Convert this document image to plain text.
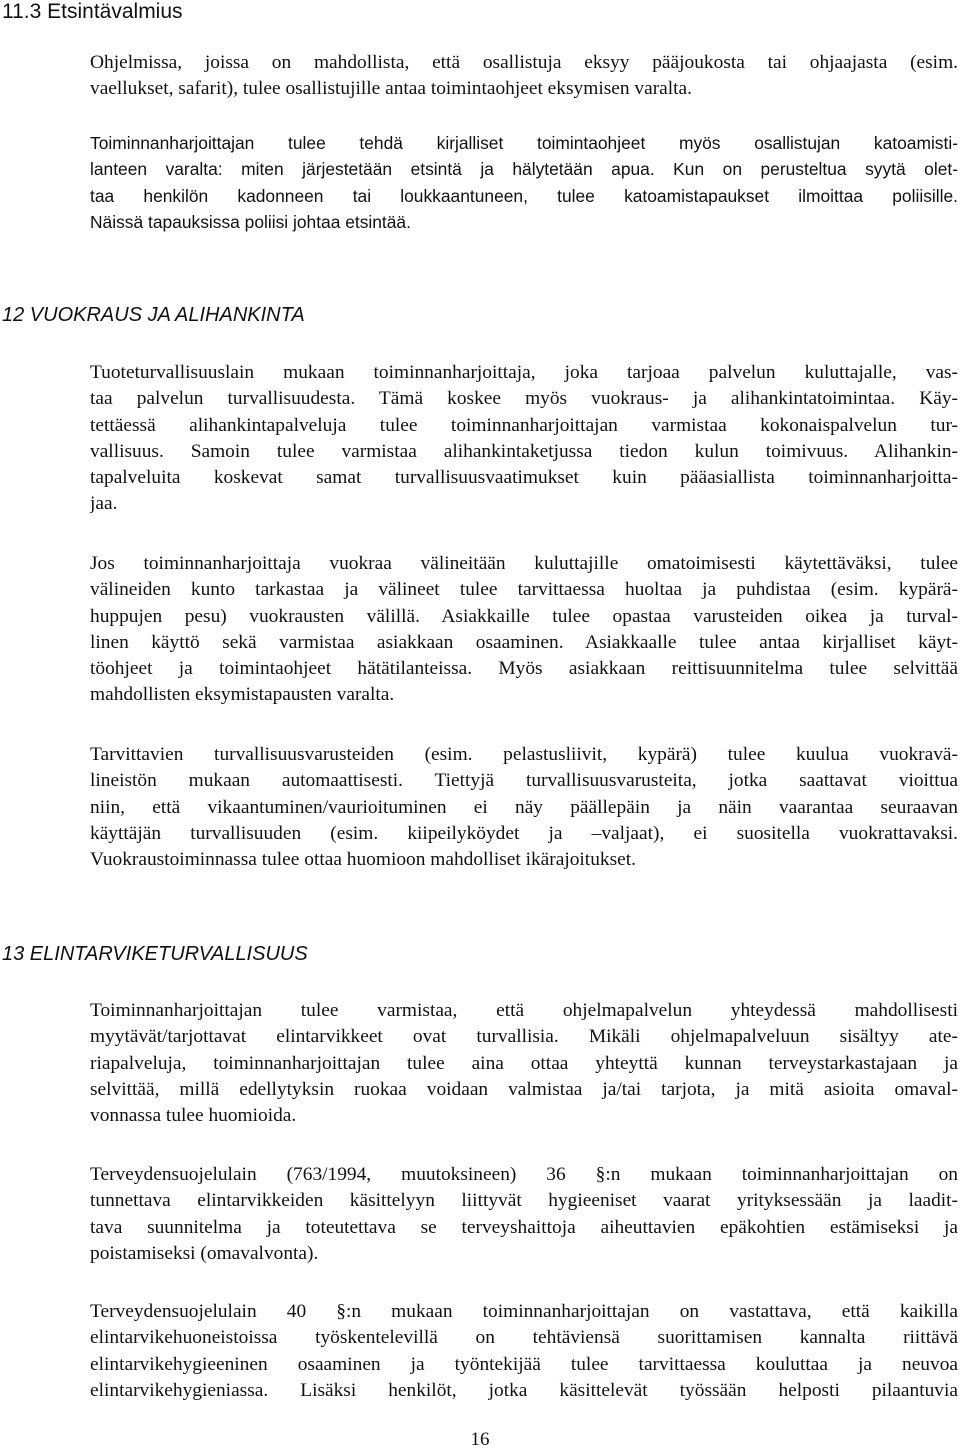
11.3 Etsintävalmius
Ohjelmissa, joissa on mahdollista, että osallistuja eksyy pääjoukosta tai ohjaajasta (esim.
vaellukset, safarit), tulee osallistujille antaa toimintaohjeet eksymisen varalta.
Toiminnanharjoittajan tulee tehdä kirjalliset toimintaohjeet myös osallistujan katoamisti-
lanteen varalta: miten järjestetään etsintä ja hälytetään apua. Kun on perusteltua syytä olet-
taa henkilön kadonneen tai loukkaantuneen, tulee katoamistapaukset ilmoittaa poliisille.
Näissä tapauksissa poliisi johtaa etsintää.
12 VUOKRAUS JA ALIHANKINTA
Tuoteturvallisuuslain mukaan toiminnanharjoittaja, joka tarjoaa palvelun kuluttajalle, vas-
taa palvelun turvallisuudesta. Tämä koskee myös vuokraus- ja alihankintatoimintaa. Käy-
tettäessä alihankintapalveluja tulee toiminnanharjoittajan varmistaa kokonaispalvelun tur-
vallisuus. Samoin tulee varmistaa alihankintaketjussa tiedon kulun toimivuus. Alihankin-
tapalveluita koskevat samat turvallisuusvaatimukset kuin pääasiallista toiminnanharjoitta-
jaa.
Jos toiminnanharjoittaja vuokraa välineitään kuluttajille omatoimisesti käytettäväksi, tulee
välineiden kunto tarkastaa ja välineet tulee tarvittaessa huoltaa ja puhdistaa (esim. kypärä-
huppujen pesu) vuokrausten välillä. Asiakkaille tulee opastaa varusteiden oikea ja turval-
linen käyttö sekä varmistaa asiakkaan osaaminen. Asiakkaalle tulee antaa kirjalliset käyt-
töohjeet ja toimintaohjeet hätätilanteissa. Myös asiakkaan reittisuunnitelma tulee selvittää
mahdollisten eksymistapausten varalta.
Tarvittavien turvallisuusvarusteiden (esim. pelastusliivit, kypärä) tulee kuulua vuokravä-
lineistön mukaan automaattisesti. Tiettyjä turvallisuusvarusteita, jotka saattavat vioittua
niin, että vikaantuminen/vaurioituminen ei näy päällepäin ja näin vaarantaa seuraavan
käyttäjän turvallisuuden (esim. kiipeilyköydet ja –valjaat), ei suositella vuokrattavaksi.
Vuokraustoiminnassa tulee ottaa huomioon mahdolliset ikärajoitukset.
13 ELINTARVIKETURVALLISUUS
Toiminnanharjoittajan tulee varmistaa, että ohjelmapalvelun yhteydessä mahdollisesti
myytävät/tarjottavat elintarvikkeet ovat turvallisia. Mikäli ohjelmapalveluun sisältyy ate-
riapalveluja, toiminnanharjoittajan tulee aina ottaa yhteyttä kunnan terveystarkastajaan ja
selvittää, millä edellytyksin ruokaa voidaan valmistaa ja/tai tarjota, ja mitä asioita omaval-
vonnassa tulee huomioida.
Terveydensuojelulain (763/1994, muutoksineen) 36 §:n mukaan toiminnanharjoittajan on
tunnettava elintarvikkeiden käsittelyyn liittyvät hygieeniset vaarat yrityksessään ja laadit-
tava suunnitelma ja toteutettava se terveyshaittoja aiheuttavien epäkohtien estämiseksi ja
poistamiseksi (omavalvonta).
Terveydensuojelulain 40 §:n mukaan toiminnanharjoittajan on vastattava, että kaikilla
elintarvikehuoneistoissa työskentelevillä on tehtäviensä suorittamisen kannalta riittävä
elintarvikehygieeninen osaaminen ja työntekijää tulee tarvittaessa kouluttaa ja neuvoa
elintarvikehygieniassa. Lisäksi henkilöt, jotka käsittelevät työssään helposti pilaantuvia
16
